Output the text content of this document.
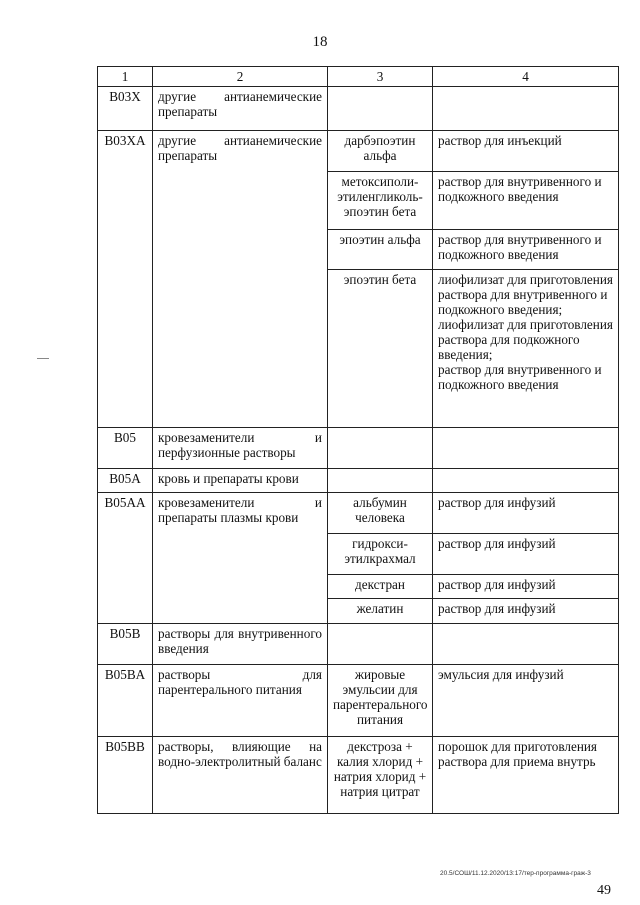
18
1	2	3	4
B03X	другие антианемические препараты		
B03XA	другие антианемические препараты	дарбэпоэтин альфа	раствор для инъекций

		метоксиполи-этиленгликоль-эпоэтин бета	раствор для внутривенного и подкожного введения

		эпоэтин альфа	раствор для внутривенного и подкожного введения

		эпоэтин бета	лиофилизат для приготовления раствора для внутривенного и подкожного введения;
лиофилизат для приготовления раствора для подкожного введения;
раствор для внутривенного и подкожного введения

B05	кровезаменители и перфузионные растворы		
B05A	кровь и препараты крови		
B05AA	кровезаменители и препараты плазмы крови	альбумин человека	раствор для инфузий

		гидрокси-этилкрахмал	раствор для инфузий

		декстран	раствор для инфузий

		желатин	раствор для инфузий

B05B	растворы для внутривенного введения		
B05BA	растворы для парентерального питания	жировые эмульсии для парентерального питания	эмульсия для инфузий

B05BB	растворы, влияющие на водно-электролитный баланс	декстроза + калия хлорид + натрия хлорид + натрия цитрат	порошок для приготовления раствора для приема внутрь
20.5/СОШ/11.12.2020/13:17/тер-программа-граж-3
49
